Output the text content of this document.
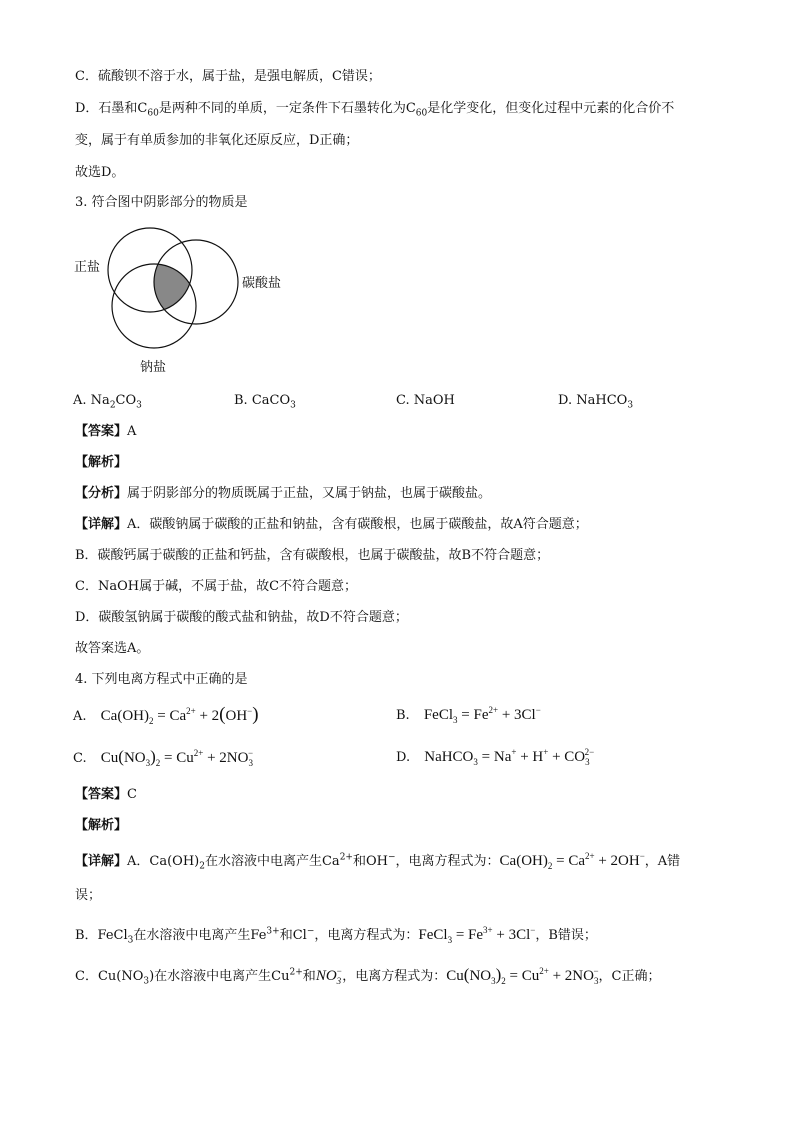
C．硫酸钡不溶于水，属于盐，是强电解质，C错误；
D．石墨和$C_{60}$是两种不同的单质，一定条件下石墨转化为$C_{60}$是化学变化，但变化过程中元素的化合价不
变，属于有单质参加的非氧化还原反应，D正确；
故选D。
3. 符合图中阴影部分的物质是
正盐
碳酸盐
钠盐
A. $Na_2CO_3$	B. CaCO$_3$	C. NaOH	D. NaHCO$_3$
【答案】A
【解析】
【分析】属于阴影部分的物质既属于正盐，又属于钠盐，也属于碳酸盐。
【详解】A．碳酸钠属于碳酸的正盐和钠盐，含有碳酸根，也属于碳酸盐，故A符合题意；
B．碳酸钙属于碳酸的正盐和钙盐，含有碳酸根，也属于碳酸盐，故B不符合题意；
C．NaOH属于碱，不属于盐，故C不符合题意；
D．碳酸氢钠属于碳酸的酸式盐和钠盐，故D不符合题意；
故答案选A。
4. 下列电离方程式中正确的是
A. $Ca(OH)_2 = Ca^{2+} + 2(OH^-)$	B. FeCl$_3$ = $Fe^{2+} + 3Cl^-$
C. $Cu(NO_3)_2 = Cu^{2+} + 2NO_3^-$	D. NaHCO$_3$ = $Na^+ + H^+ + CO_3^{2-}$
【答案】C
【解析】
【详解】A．$Ca(OH)_2$在水溶液中电离产生$Ca^{2+}$和OH−，电离方程式为：$Ca(OH)_2 = Ca^{2+} + 2OH^-$，A错
误；
B．FeCl$_3$在水溶液中电离产生$Fe^{3+}$和Cl−，电离方程式为：FeCl$_3$ = $Fe^{3+} + 3Cl^-$，B错误；
C．$Cu(NO_3)$在水溶液中电离产生$Cu^{2+}$和$NO_3^-$，电离方程式为：$Cu(NO_3)_2 = Cu^{2+} + 2NO_3^-$，C正确；
